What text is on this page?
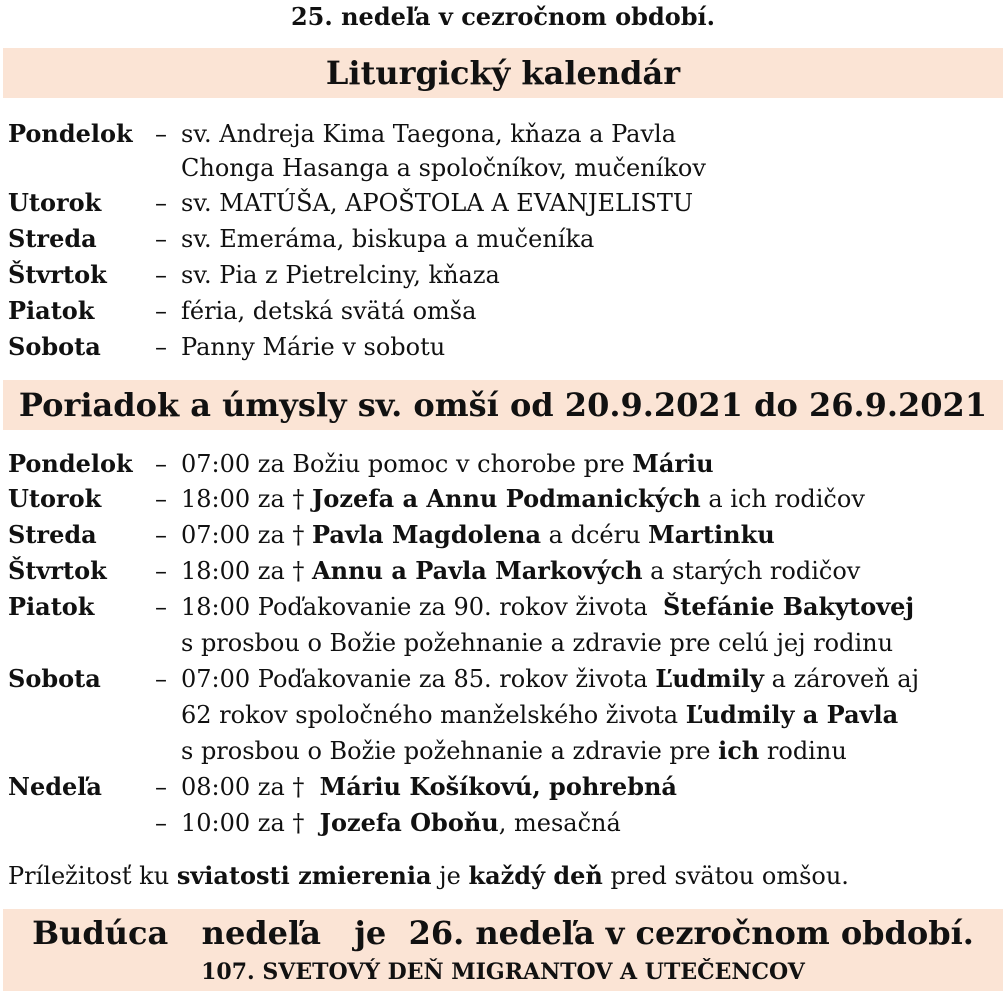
25. nedeľa v cezročnom období.
Liturgický kalendár
Pondelok – sv. Andreja Kima Taegona, kňaza a Pavla
Chonga Hasanga a spoločníkov, mučeníkov
Utorok – sv. MATÚŠA, APOŠTOLA A EVANJELISTU
Streda – sv. Emeráma, biskupa a mučeníka
Štvrtok – sv. Pia z Pietrelciny, kňaza
Piatok	– féria, detská svätá omša
Sobota – Panny Márie v sobotu
Poriadok a úmysly sv. omší od 20.9.2021 do 26.9.2021
Pondelok – 07:00 za Božiu pomoc v chorobe pre Máriu
Utorok – 18:00 za † Jozefa a Annu Podmanických a ich rodičov
Streda – 07:00 za † Pavla Magdolena a dcéru Martinku
Štvrtok – 18:00 za † Annu a Pavla Markových a starých rodičov
Piatok	– 18:00 Poďakovanie za 90. rokov života  Štefánie Bakytovej
s prosbou o Božie požehnanie a zdravie pre celú jej rodinu
Sobota – 07:00 Poďakovanie za 85. rokov života Ľudmily a zároveň aj
62 rokov spoločného manželského života Ľudmily a Pavla
s prosbou o Božie požehnanie a zdravie pre ich rodinu
Nedeľa – 08:00 za †  Máriu Košíkovú, pohrebná
– 10:00 za †  Jozefa Oboňu, mesačná
Príležitosť ku sviatosti zmierenia je každý deň pred svätou omšou.
Budúca   nedeľa   je  26. nedeľa v cezročnom období.
107. SVETOVÝ DEŇ MIGRANTOV A UTEČENCOV
